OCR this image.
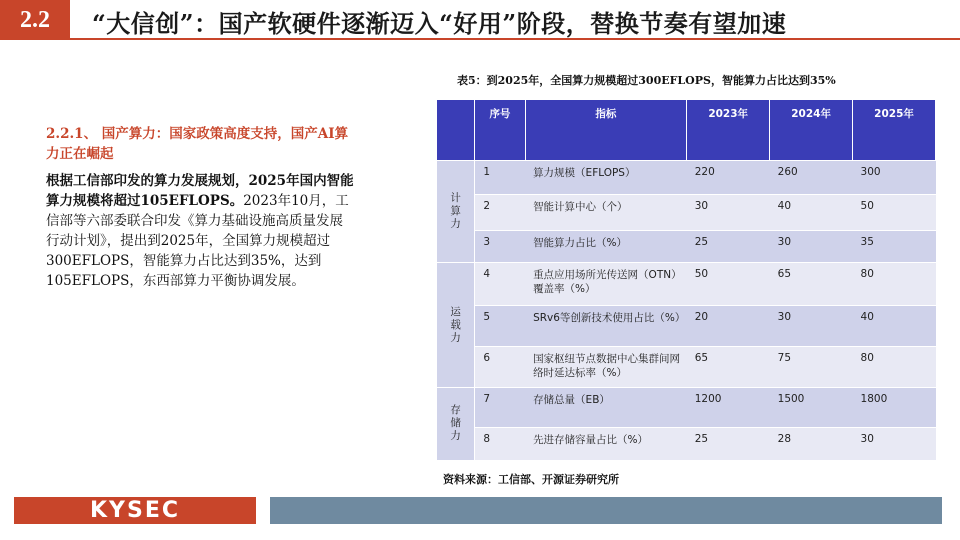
2.2	“大信创”：国产软硬件逐渐迈入“好用”阶段，替换节奏有望加速
2.2.1、 国产算力：国家政策高度支持，国产AI算力正在崛起
根据工信部印发的算力发展规划，2025年国内智能算力规模将超过105EFLOPS。2023年10月，工信部等六部委联合印发《算力基础设施高质量发展行动计划》，提出到2025年，全国算力规模超过300EFLOPS，智能算力占比达到35%，达到105EFLOPS，东西部算力平衡协调发展。
表5：到2025年，全国算力规模超过300EFLOPS，智能算力占比达到35%
	序号	指标	2023年	2024年	2025年
计
算
力	1	算力规模（EFLOPS）	220	260	300
	2	智能计算中心（个）	30	40	50
	3	智能算力占比（%）	25	30	35
运
载
力	4	重点应用场所光传送网（OTN）覆盖率（%）	50	65	80
	5	SRv6等创新技术使用占比（%）	20	30	40
	6	国家枢纽节点数据中心集群间网络时延达标率（%）	65	75	80
存
储
力	7	存储总量（EB）	1200	1500	1800
	8	先进存储容量占比（%）	25	28	30
资料来源：工信部、开源证券研究所
KYSEC
